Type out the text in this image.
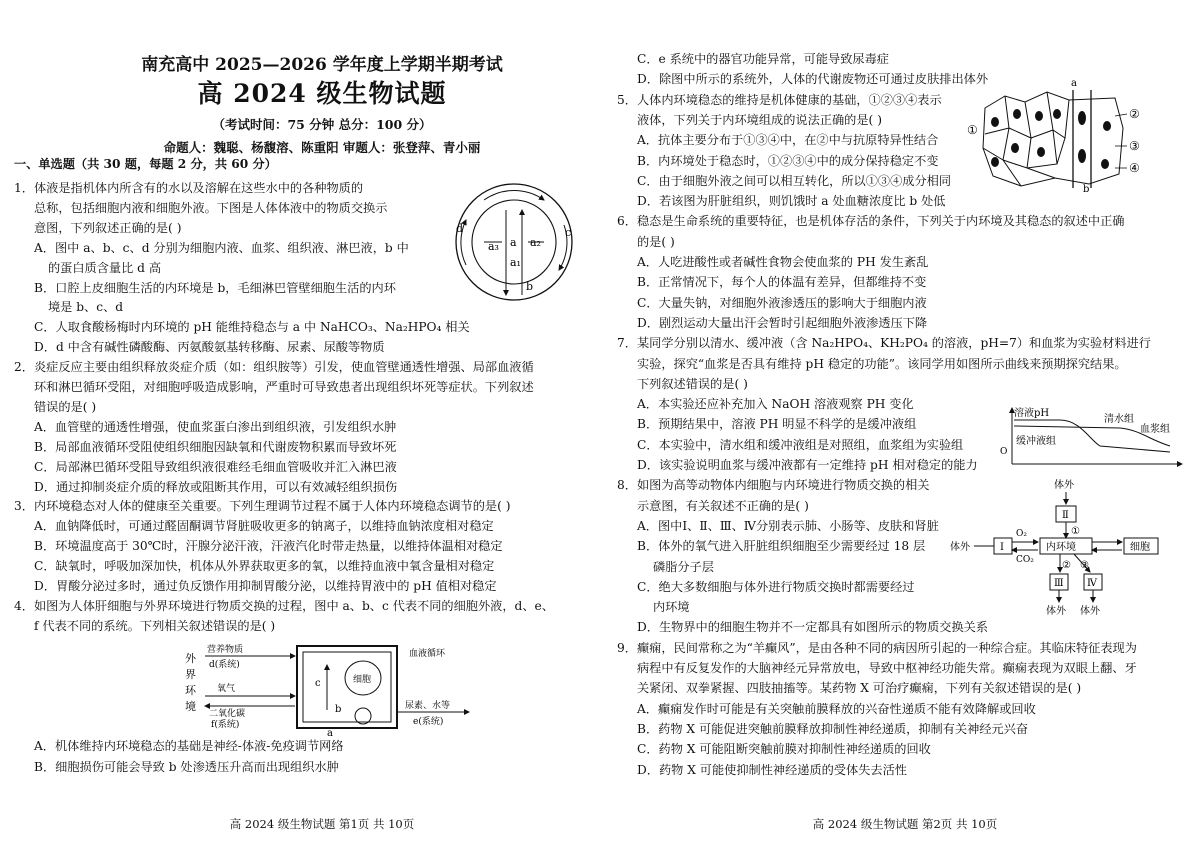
南充高中 2025—2026 学年度上学期半期考试
高 2024 级生物试题
（考试时间：75 分钟 总分：100 分）
命题人：魏聪、杨馥溶、陈重阳 审题人：张登萍、青小丽
一、单选题（共 30 题，每题 2 分，共 60 分）
1．体液是指机体内所含有的水以及溶解在这些水中的各种物质的
总称，包括细胞内液和细胞外液。下图是人体体液中的物质交换示
意图，下列叙述正确的是( )
A．图中 a、b、c、d 分别为细胞内液、血浆、组织液、淋巴液，b 中
的蛋白质含量比 d 高
B．口腔上皮细胞生活的内环境是 b，毛细淋巴管壁细胞生活的内环
境是 b、c、d
C．人取食酸杨梅时内环境的 pH 能维持稳态与 a 中 NaHCO₃、Na₂HPO₄ 相关
D．d 中含有碱性磷酸酶、丙氨酸氨基转移酶、尿素、尿酸等物质
2．炎症反应主要由组织释放炎症介质（如：组织胺等）引发，使血管壁通透性增强、局部血液循
环和淋巴循环受阻，对细胞呼吸造成影响，严重时可导致患者出现组织坏死等症状。下列叙述
错误的是( )
A．血管壁的通透性增强，使血浆蛋白渗出到组织液，引发组织水肿
B．局部血液循环受阻使组织细胞因缺氧和代谢废物积累而导致坏死
C．局部淋巴循环受阻导致组织液很难经毛细血管吸收并汇入淋巴液
D．通过抑制炎症介质的释放或阻断其作用，可以有效减轻组织损伤
3．内环境稳态对人体的健康至关重要。下列生理调节过程不属于人体内环境稳态调节的是( )
A．血钠降低时，可通过醛固酮调节肾脏吸收更多的钠离子，以维持血钠浓度相对稳定
B．环境温度高于 30℃时，汗腺分泌汗液，汗液汽化时带走热量，以维持体温相对稳定
C．缺氧时，呼吸加深加快，机体从外界获取更多的氧，以维持血液中氧含量相对稳定
D．胃酸分泌过多时，通过负反馈作用抑制胃酸分泌，以维持胃液中的 pH 值相对稳定
4．如图为人体肝细胞与外界环境进行物质交换的过程，图中 a、b、c 代表不同的细胞外液，d、e、
f 代表不同的系统。下列相关叙述错误的是( )
A．机体维持内环境稳态的基础是神经-体液-免疫调节网络
B．细胞损伤可能会导致 b 处渗透压升高而出现组织水肿
d
a₃ a a₂
a₁
c
b
外
界
环
境
营养物质
d(系统)
氧气
二氧化碳
f(系统)
细胞
c
b
a
血液循环
尿素、水等
e(系统)
高 2024 级生物试题 第1页 共 10页
C．e 系统中的器官功能异常，可能导致尿毒症
D．除图中所示的系统外，人体的代谢废物还可通过皮肤排出体外
5．人体内环境稳态的维持是机体健康的基础，①②③④表示
液体，下列关于内环境组成的说法正确的是( )
A．抗体主要分布于①③④中，在②中与抗原特异性结合
B．内环境处于稳态时，①②③④中的成分保持稳定不变
C．由于细胞外液之间可以相互转化，所以①③④成分相同
D．若该图为肝脏组织，则饥饿时 a 处血糖浓度比 b 处低
6．稳态是生命系统的重要特征，也是机体存活的条件，下列关于内环境及其稳态的叙述中正确
的是( )
A．人吃进酸性或者碱性食物会使血浆的 PH 发生紊乱
B．正常情况下，每个人的体温有差异，但都维持不变
C．大量失钠，对细胞外液渗透压的影响大于细胞内液
D．剧烈运动大量出汗会暂时引起细胞外液渗透压下降
7．某同学分别以清水、缓冲液（含 Na₂HPO₄、KH₂PO₄ 的溶液，pH=7）和血浆为实验材料进行
实验，探究“血浆是否具有维持 pH 稳定的功能”。该同学用如图所示曲线来预期探究结果。
下列叙述错误的是( )
A．本实验还应补充加入 NaOH 溶液观察 PH 变化
B．预期结果中，溶液 PH 明显不科学的是缓冲液组
C．本实验中，清水组和缓冲液组是对照组，血浆组为实验组
D．该实验说明血浆与缓冲液都有一定维持 pH 相对稳定的能力
8．如图为高等动物体内细胞与内环境进行物质交换的相关
示意图，有关叙述不正确的是( )
A．图中Ⅰ、Ⅱ、Ⅲ、Ⅳ分别表示肺、小肠等、皮肤和肾脏
B．体外的氧气进入肝脏组织细胞至少需要经过 18 层
磷脂分子层
C．绝大多数细胞与体外进行物质交换时都需要经过
内环境
D．生物界中的细胞生物并不一定都具有如图所示的物质交换关系
9．癫痫，民间常称之为“羊癫风”，是由各种不同的病因所引起的一种综合症。其临床特征表现为
病程中有反复发作的大脑神经元异常放电，导致中枢神经功能失常。癫痫表现为双眼上翻、牙
关紧闭、双拳紧握、四肢抽搐等。某药物 X 可治疗癫痫，下列有关叙述错误的是( )
A．癫痫发作时可能是有关突触前膜释放的兴奋性递质不能有效降解或回收
B．药物 X 可能促进突触前膜释放抑制性神经递质，抑制有关神经元兴奋
C．药物 X 可能阻断突触前膜对抑制性神经递质的回收
D．药物 X 可能使抑制性神经递质的受体失去活性
a
①
②
③
④
b
溶液pH
O
清水组
血浆组
缓冲液组
体外
Ⅱ
①
体外	Ⅰ
O₂
CO₂
内环境	细胞
② ③
Ⅲ Ⅳ
体外 体外
高 2024 级生物试题 第2页 共 10页
